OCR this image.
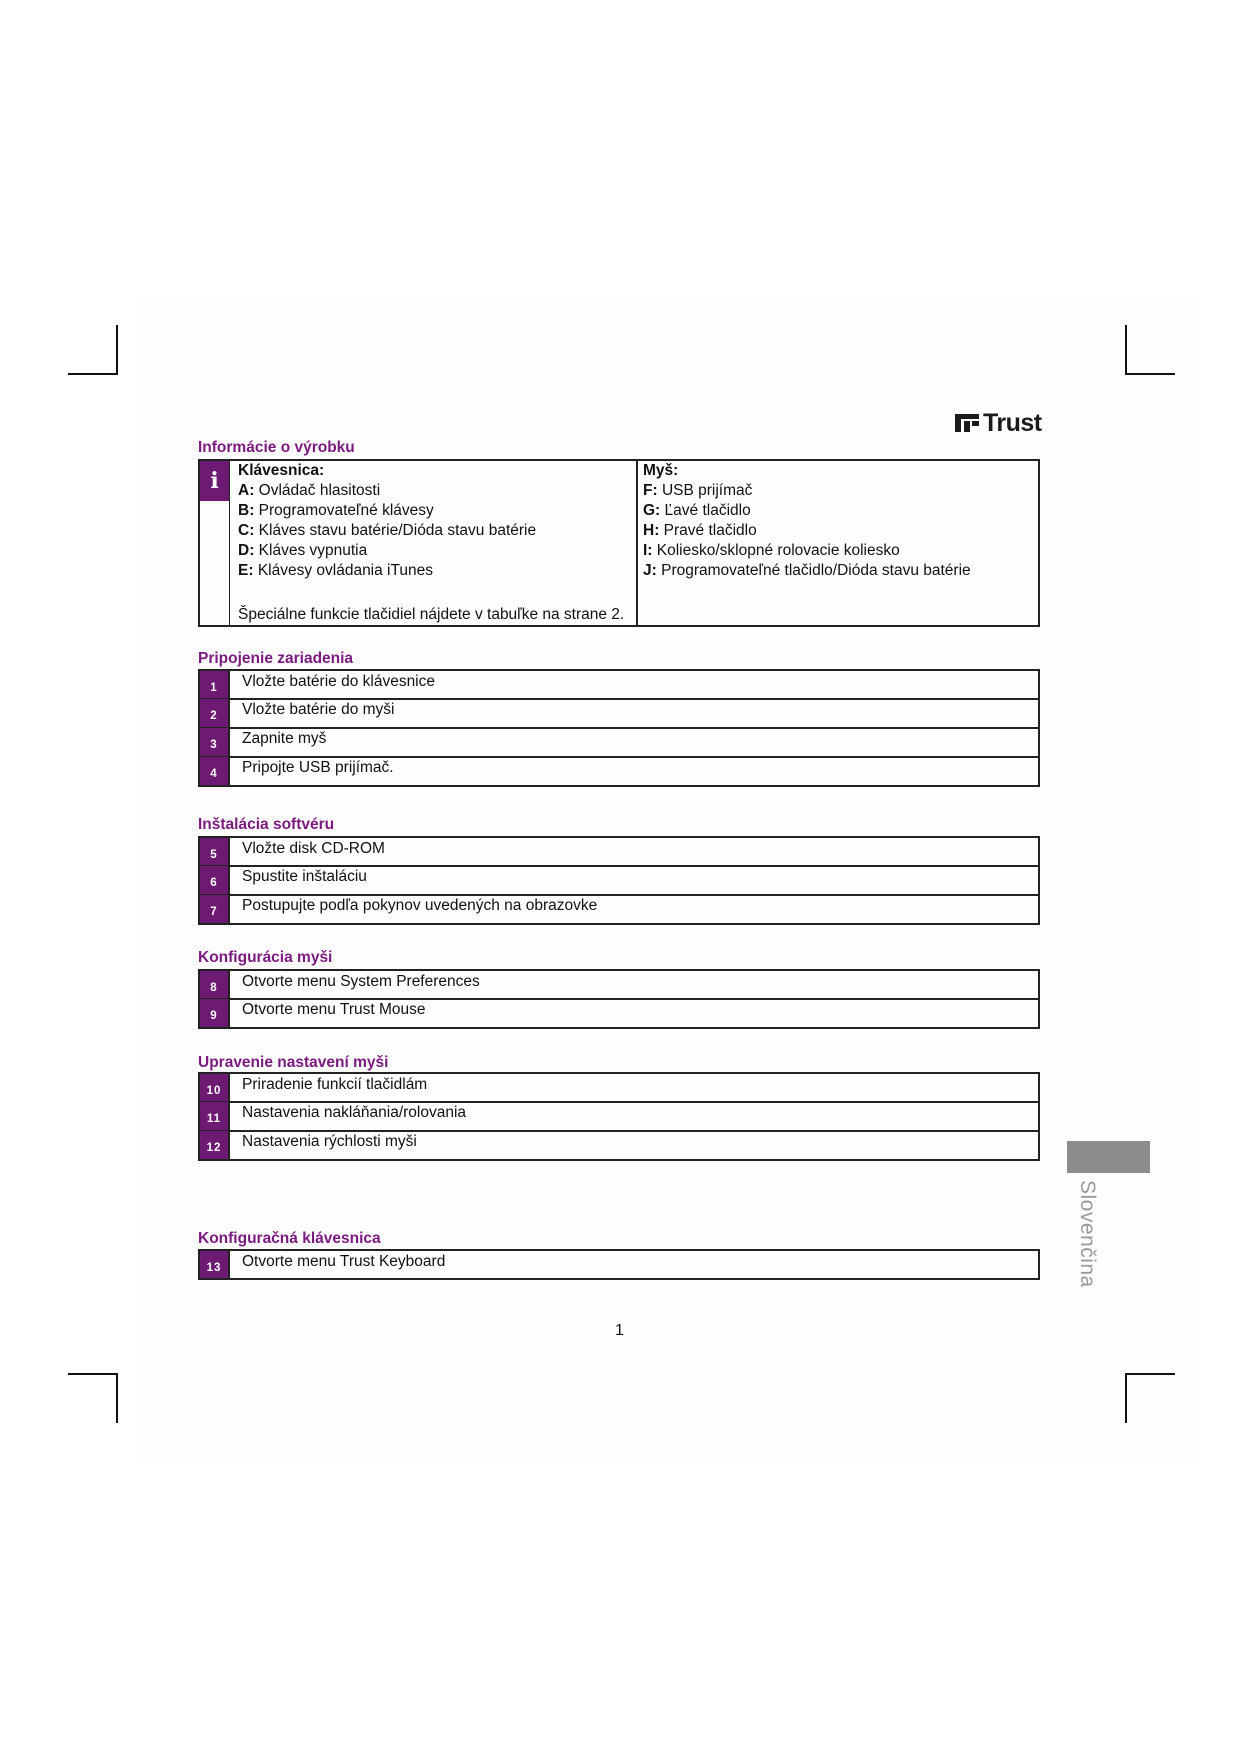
Trust
Informácie o výrobku
i	Klávesnica:
A: Ovládač hlasitosti
B: Programovateľné klávesy
C: Kláves stavu batérie/Dióda stavu batérie
D: Kláves vypnutia
E: Klávesy ovládania iTunes
Špeciálne funkcie tlačidiel nájdete v tabuľke na strane 2.
Myš:
F: USB prijímač
G: Ľavé tlačidlo
H: Pravé tlačidlo
I: Koliesko/sklopné rolovacie koliesko
J: Programovateľné tlačidlo/Dióda stavu batérie
Pripojenie zariadenia
1	Vložte batérie do klávesnice
2	Vložte batérie do myši
3	Zapnite myš
4	Pripojte USB prijímač.
Inštalácia softvéru
5	Vložte disk CD-ROM
6	Spustite inštaláciu
7	Postupujte podľa pokynov uvedených na obrazovke
Konfigurácia myši
8	Otvorte menu System Preferences
9	Otvorte menu Trust Mouse
Upravenie nastavení myši
10	Priradenie funkcií tlačidlám
11	Nastavenia nakláňania/rolovania
12	Nastavenia rýchlosti myši
Konfiguračná klávesnica
13	Otvorte menu Trust Keyboard	Slovenčina
1
